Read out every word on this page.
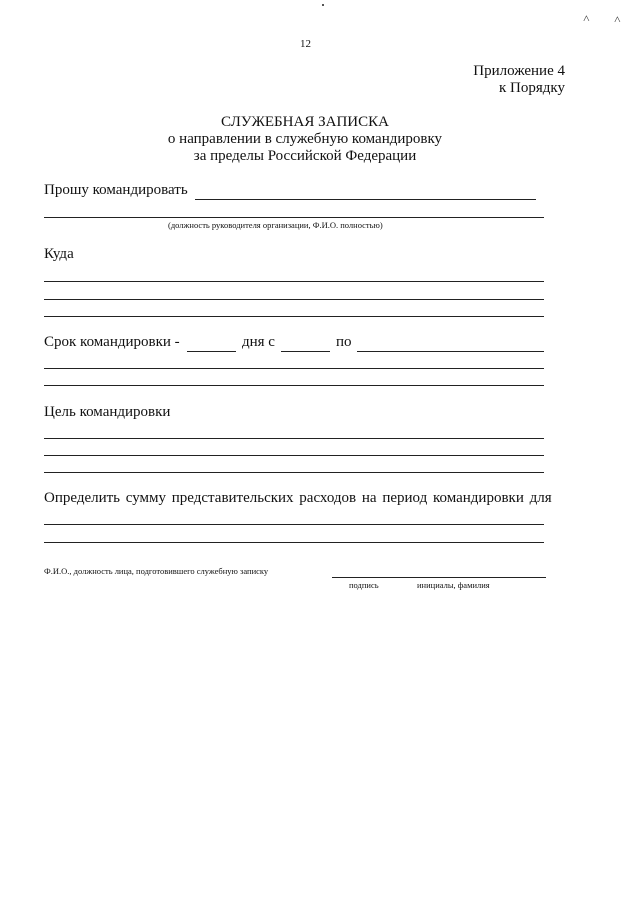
˄ ˄
12
Приложение 4
к Порядку
СЛУЖЕБНАЯ ЗАПИСКА
о направлении в служебную командировку
за пределы Российской Федерации
Прошу командировать
(должность руководителя организации, Ф.И.О. полностью)
Куда
Срок командировки -	дня с	по
Цель командировки
Определить сумму представительских расходов на период командировки для
Ф.И.О., должность лица, подготовившего служебную записку
подпись	инициалы, фамилия
